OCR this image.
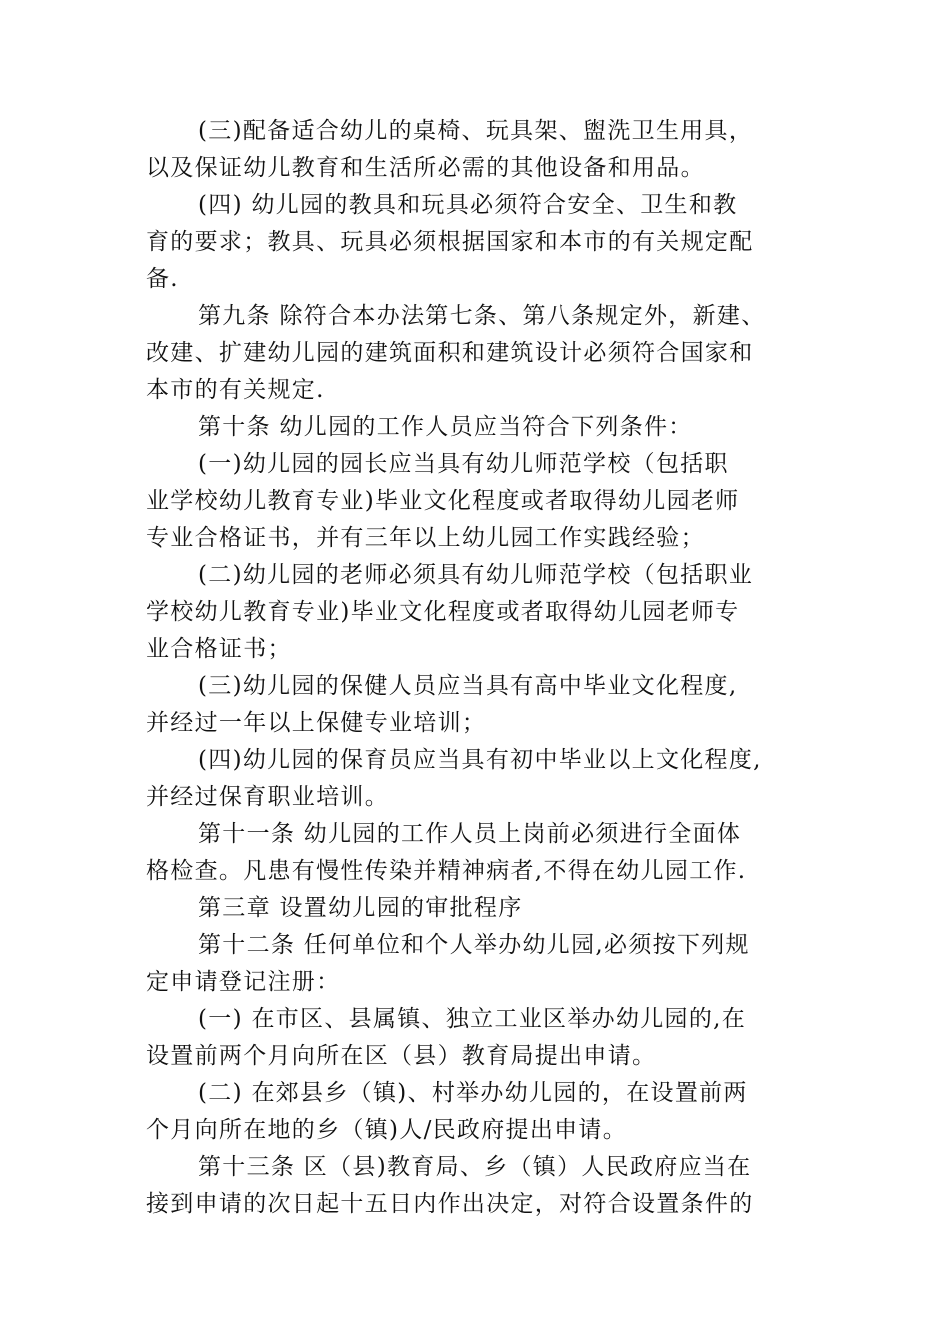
(三)配备适合幼儿的桌椅、玩具架、盥洗卫生用具，
以及保证幼儿教育和生活所必需的其他设备和用品。
(四) 幼儿园的教具和玩具必须符合安全、卫生和教
育的要求；教具、玩具必须根据国家和本市的有关规定配
备.
第九条 除符合本办法第七条、第八条规定外，新建、
改建、扩建幼儿园的建筑面积和建筑设计必须符合国家和
本市的有关规定.
第十条 幼儿园的工作人员应当符合下列条件：
(一)幼儿园的园长应当具有幼儿师范学校（包括职
业学校幼儿教育专业)毕业文化程度或者取得幼儿园老师
专业合格证书，并有三年以上幼儿园工作实践经验；
(二)幼儿园的老师必须具有幼儿师范学校（包括职业
学校幼儿教育专业)毕业文化程度或者取得幼儿园老师专
业合格证书；
(三)幼儿园的保健人员应当具有高中毕业文化程度,
并经过一年以上保健专业培训；
(四)幼儿园的保育员应当具有初中毕业以上文化程度,
并经过保育职业培训。
第十一条 幼儿园的工作人员上岗前必须进行全面体
格检查。凡患有慢性传染并精神病者,不得在幼儿园工作.
第三章 设置幼儿园的审批程序
第十二条 任何单位和个人举办幼儿园,必须按下列规
定申请登记注册：
(一) 在市区、县属镇、独立工业区举办幼儿园的,在
设置前两个月向所在区（县）教育局提出申请。
(二) 在郊县乡（镇)、村举办幼儿园的，在设置前两
个月向所在地的乡（镇)人/民政府提出申请。
第十三条 区（县)教育局、乡（镇）人民政府应当在
接到申请的次日起十五日内作出决定，对符合设置条件的
